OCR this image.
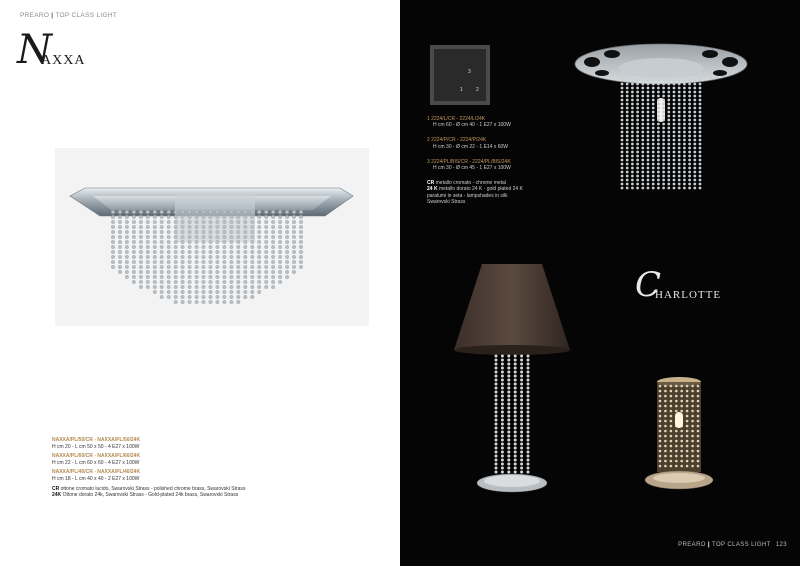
PREARO | TOP CLASS LIGHT
N
AXXA
NAXXA/PL/50/CR - NAXXA/PL/50/24K
H cm 20 - L cm 50 x 50 - 4 E27 x 100W
NAXXA/PL/60/CR - NAXXA/PL/60/24K
H cm 22 - L cm 60 x 60 - 4 E27 x 100W
NAXXA/PL/40/CR - NAXXA/PL/40/24K
H cm 18 - L cm 40 x 40 - 2 E27 x 100W
CR ottone cromato lucido, Swarovski Strass - polished chrome brass, Swarovski Strass
24K Ottone dorato 24k, Swarovski Strass - Gold-plated 24k brass, Swarovski Strass
3
1	2
1 2224/L/CR - 2224/L/24K
H cm 60 - Ø cm 40 - 1 E27 x 100W
2 2224/P/CR - 2224/P/24K
H cm 30 - Ø cm 22 - 1 E14 x 60W
3 2224/PL/BIS/CR - 2224/PL/BIS/24K
H cm 30 - Ø cm 45 - 1 E27 x 100W
CR metallo cromato - chrome metal
24 K metallo dorato 24 K - gold plated 24 K
paralumi in seta - lampshades in silk
Swarovski Strass
C
HARLOTTE
PREARO | TOP CLASS LIGHT 123
